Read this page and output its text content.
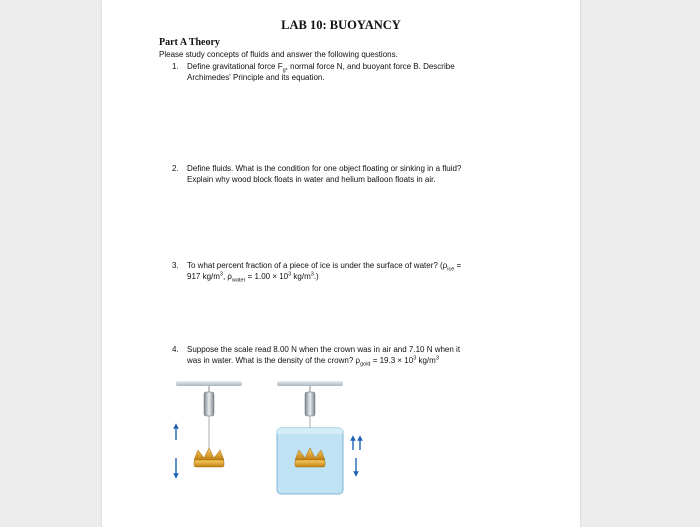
LAB 10: BUOYANCY
Part A Theory
Please study concepts of fluids and answer the following questions.
1. Define gravitational force $F_g$, normal force N, and buoyant force B. Describe
Archimedes' Principle and its equation.
2. Define fluids. What is the condition for one object floating or sinking in a fluid?
Explain why wood block floats in water and helium balloon floats in air.
3. To what percent fraction of a piece of ice is under the surface of water? ($\rho_{ice}$ =
917 $kg/m^3$, $\rho_{water} = 1.00 \times 10^3$ $kg/m^3$.)
4. Suppose the scale read 8.00 N when the crown was in air and 7.10 N when it
was in water. What is the density of the crown? $\rho_{gold} = 19.3 \times 10^3$ $kg/m^3$
